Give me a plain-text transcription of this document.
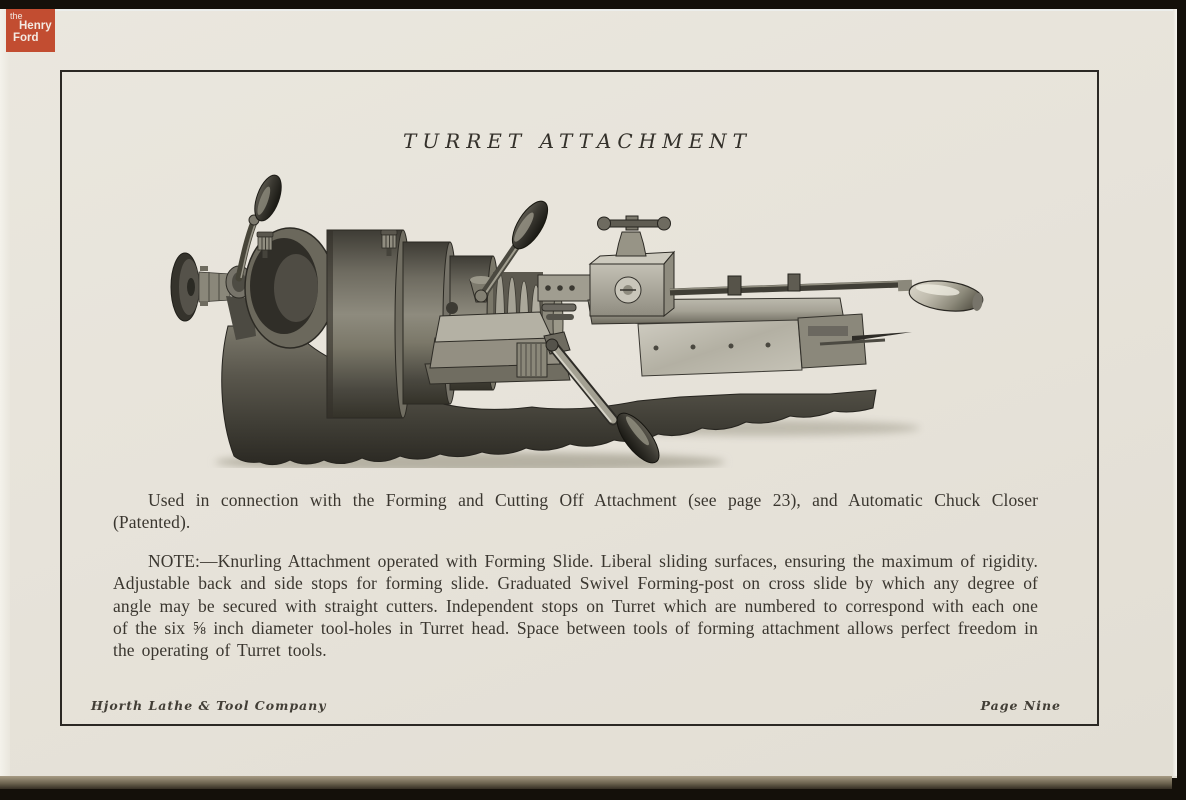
TURRET ATTACHMENT

Used in connection with the Forming and Cutting Off Attachment (see page 23), and Automatic Chuck Closer (Patented).

NOTE:—Knurling Attachment operated with Forming Slide. Liberal sliding surfaces, ensuring the maximum of rigidity. Adjustable back and side stops for forming slide. Graduated Swivel Forming-post on cross slide by which any degree of angle may be secured with straight cutters. Independent stops on Turret which are numbered to correspond with each one of the six ⅝ inch diameter tool-holes in Turret head. Space between tools of forming attachment allows perfect freedom in the operating of Turret tools.

Hjorth Lathe & Tool Company	Page Nine
the
Henry
Ford
